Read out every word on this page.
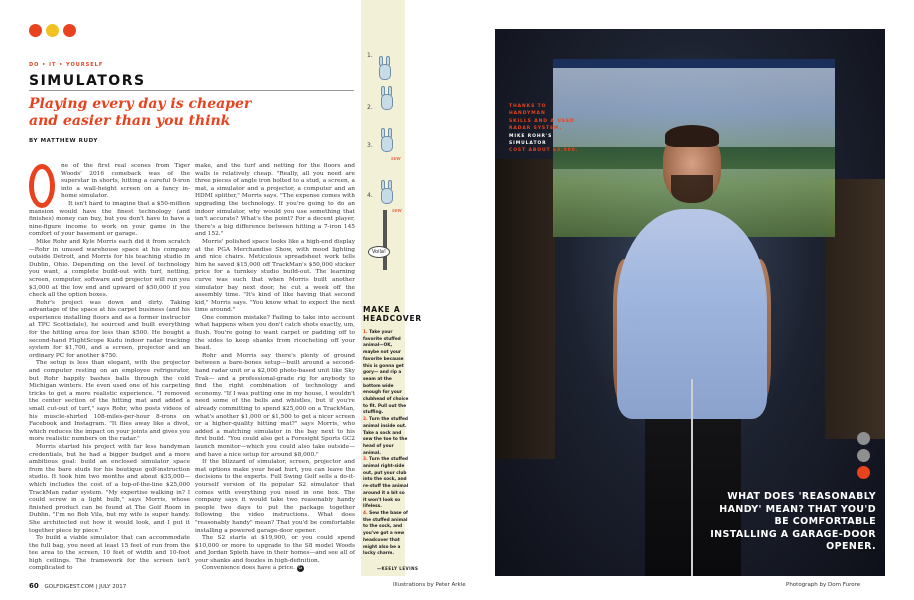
DO • IT • YOURSELF
SIMULATORS
Playing every day is cheaper
and easier than you think
BY MATTHEW RUDY

ne of the first real scenes from Tiger Woods' 2016 comeback was of the superstar in shorts, hitting a careful 9-iron into a wall-height screen on a fancy in-home simulator.

It isn't hard to imagine that a $50-million mansion would have the finest technology (and finishes) money can buy, but you don't have to have a nine-figure income to work on your game in the comfort of your basement or garage.

Mike Rohr and Kyle Morris each did it from scratch—Rohr in unused warehouse space at his company outside Detroit, and Morris for his teaching studio in Dublin, Ohio. Depending on the level of technology you want, a complete build-out with turf, netting, screen, computer, software and projector will run you $3,000 at the low end and upward of $50,000 if you check all the option boxes.

Rohr's project was down and dirty. Taking advantage of the space at his carpet business (and his experience installing floors and as a former instructor at TPC Scottsdale), he sourced and built everything for the hitting area for less than $500. He bought a second-hand FlightScope Kudu indoor radar tracking system for $1,700, and a screen, projector and an ordinary PC for another $750.

The setup is less than elegant, with the projector and computer resting on an employee refrigerator, but Rohr happily bashes balls through the cold Michigan winters. He even used one of his carpeting tricks to get a more realistic experience. "I removed the center section of the hitting mat and added a small cut-out of turf," says Rohr, who posts videos of his muscle-shirted 108-miles-per-hour 8-irons on Facebook and Instagram. "It flies away like a divot, which reduces the impact on your joints and gives you more realistic numbers on the radar."

Morris started his project with far less handyman credentials, but he had a bigger budget and a more ambitious goal: build an enclosed simulator space from the bare studs for his boutique golf-instruction studio. It took him two months and about $35,000—which includes the cost of a top-of-the-line $25,000 TrackMan radar system. "My expertise walking in? I could screw in a light bulb," says Morris, whose finished product can be found at The Golf Room in Dublin. "I'm no Bob Vila, but my wife is super handy. She architected out how it would look, and I put it together piece by piece."

To build a viable simulator that can accommodate the full bag, you need at least 15 feet of run from the tee area to the screen, 10 feet of width and 10-foot high ceilings. The framework for the screen isn't complicated to

make, and the turf and netting for the floors and walls is relatively cheap. "Really, all you need are three pieces of angle iron bolted to a stud, a screen, a mat, a simulator and a projector, a computer and an HDMI splitter," Morris says. "The expense comes with upgrading the technology. If you're going to do an indoor simulator, why would you use something that isn't accurate? What's the point? For a decent player, there's a big difference between hitting a 7-iron 145 and 152."

Morris' polished space looks like a high-end display at the PGA Merchandise Show, with mood lighting and nice chairs. Meticulous spreadsheet work tells him he saved $15,000 off TrackMan's $50,000 sticker price for a turnkey studio build-out. The learning curve was such that when Morris built another simulator bay next door, he cut a week off the assembly time. "It's kind of like having that second kid," Morris says. "You know what to expect the next time around."

One common mistake? Failing to take into account what happens when you don't catch shots exactly, um, flush. You're going to want carpet or padding off to the sides to keep shanks from ricocheting off your head.

Rohr and Morris say there's plenty of ground between a bare-bones setup—built around a second-hand radar unit or a $2,000 photo-based unit like Sky Trak— and a professional-grade rig for anybody to find the right combination of technology and economy. "If I was putting one in my house, I wouldn't need some of the bells and whistles, but if you're already committing to spend $25,000 on a TrackMan, what's another $1,000 or $1,500 to get a nicer screen or a higher-quality hitting mat?" says Morris, who added a matching simulator in the bay next to his first build. "You could also get a Foresight Sports GC2 launch monitor—which you could also take outside—and have a nice setup for around $8,000."

If the blizzard of simulator, screen, projector and mat options make your head hurt, you can leave the decisions to the experts. Full Swing Golf sells a do-it-yourself version of its popular S2 simulator that comes with everything you need in one box. The company says it would take two reasonably handy people two days to put the package together following the video instructions. What does "reasonably handy" mean? That you'd be comfortable installing a powered garage-door opener.

The S2 starts at $19,900, or you could spend $10,000 or more to upgrade to the S8 model Woods and Jordan Spieth have in their homes—and see all of your shanks and foozles in high-definition.

Convenience does have a price. G

1.
2.
3.
4.
sew
sew
Voila!
MAKE A
HEADCOVER
1. Take your favorite stuffed animal—OK, maybe not your favorite because this is gonna get gory— and rip a seam at the bottom wide enough for your clubhead of choice to fit. Pull out the stuffing.
2. Turn the stuffed animal inside out. Take a sock and sew the toe to the head of your animal.
3. Turn the stuffed animal right-side out, put your club into the sock, and re-stuff the animal around it a bit so it won't look so lifeless.
4. Sew the base of the stuffed animal to the sock, and you've got a new headcover that might also be a lucky charm.
—KEELY LEVINS
THANKS TO HANDYMAN
SKILLS AND A USED
RADAR SYSTEM,
MIKE ROHR'S SIMULATOR
COST ABOUT $3,000.
WHAT DOES 'REASONABLY HANDY' MEAN? THAT YOU'D BE COMFORTABLE INSTALLING A GARAGE-DOOR OPENER.
60 GOLFDIGEST.COM | JULY 2017	Illustrations by Peter Arkle	Photograph by Dom Furore
